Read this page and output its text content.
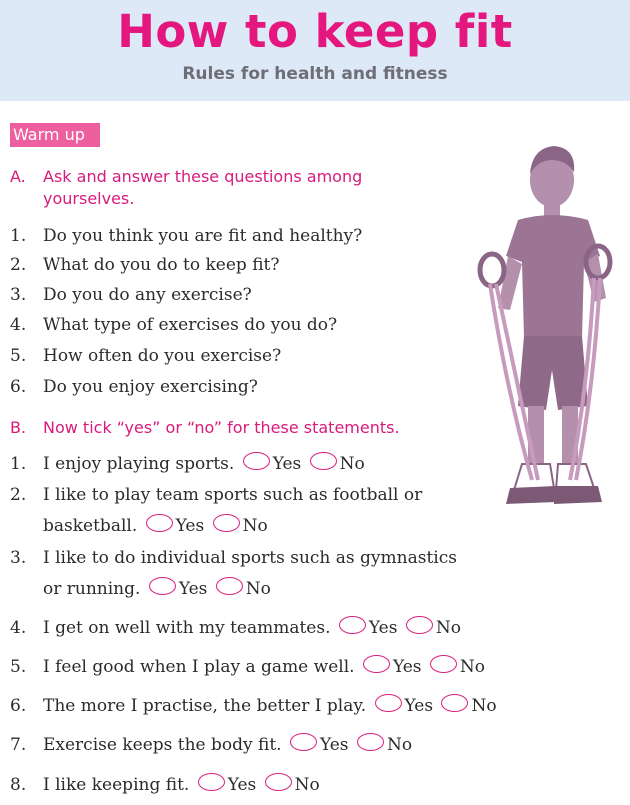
How to keep fit
Rules for health and fitness
Warm up
A. Ask and answer these questions among
yourselves.
1. Do you think you are fit and healthy?
2. What do you do to keep fit?
3. Do you do any exercise?
4. What type of exercises do you do?
5. How often do you exercise?
6. Do you enjoy exercising?
B. Now tick “yes” or “no” for these statements.
1. I enjoy playing sports. Yes No
2. I like to play team sports such as football or
basketball. Yes No
3. I like to do individual sports such as gymnastics
or running. Yes No
4. I get on well with my teammates. Yes No
5. I feel good when I play a game well. Yes No
6. The more I practise, the better I play. Yes No
7. Exercise keeps the body fit. Yes No
8. I like keeping fit. Yes No
